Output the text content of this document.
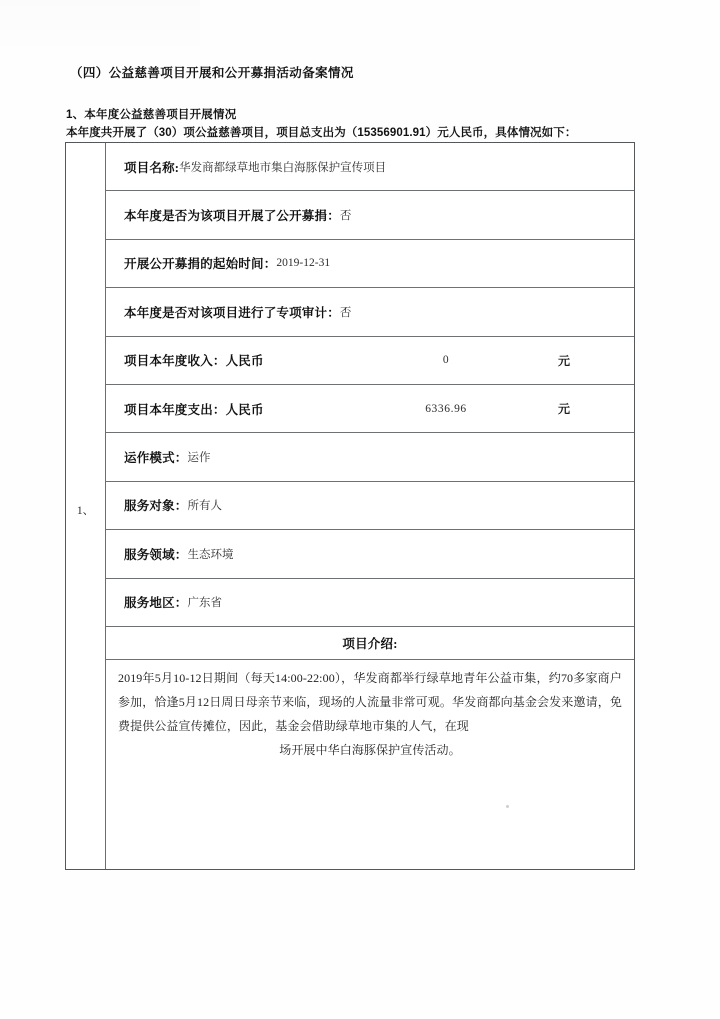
（四）公益慈善项目开展和公开募捐活动备案情况
1、本年度公益慈善项目开展情况
本年度共开展了（30）项公益慈善项目，项目总支出为（15356901.91）元人民币，具体情况如下：
1、
项目名称: 华发商都绿草地市集白海豚保护宣传项目
本年度是否为该项目开展了公开募捐： 否
开展公开募捐的起始时间： 2019-12-31
本年度是否对该项目进行了专项审计： 否
项目本年度收入：人民币	0	元
项目本年度支出：人民币	6336.96	元
运作模式： 运作
服务对象： 所有人
服务领域： 生态环境
服务地区： 广东省
项目介绍:
2019年5月10-12日期间（每天14:00-22:00），华发商都举行绿草地青年公益市集，约70多家商户参加，恰逢5月12日周日母亲节来临，现场的人流量非常可观。华发商都向基金会发来邀请，免费提供公益宣传摊位，因此，基金会借助绿草地市集的人气，在现
场开展中华白海豚保护宣传活动。
